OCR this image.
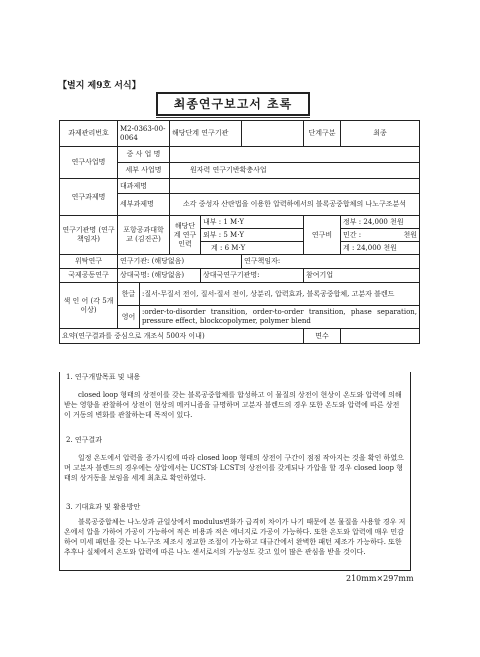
【별지 제9호 서식】
최종연구보고서 초록
과제관리번호	M2-0363-00-0064		해당단계 연구기관			단계구분	최종
연구사업명	중 사 업 명						
	세부 사업명		원자력 연구기반확충사업				
연구과제명	대과제명						
	세부과제명		소각 중성자 산란법을 이용한 압력하에서의 블록공중합체의 나노구조분석				
연구기관명 (연구책임자)	포항공과대학교 (김진곤)		해당단계 연구인력	내부 : 1 M·Y		연구비	정부 : 24,000 천원
				외부 : 5 M·Y			민간 : 천원

				계 : 6 M·Y			계 : 24,000 천원
위탁연구	연구기관: (해당없음)				연구책임자:		
국제공동연구	상대국명: (해당없음)			상대국연구기관명:		참여기업	
색 인 어 (각 5개 이상)	한글	:질서-무질서 전이, 질서-질서 전이, 상분리, 압력효과, 블록공중합체, 고분자 블렌드					
	영어	:order-to-disorder transition, order-to-order transition, phase separation, pressure effect, blockcopolymer, polymer blend					
요약(연구결과를 중심으로 개조식 500자 이내)						면수	

1. 연구개발목표 및 내용

closed loop 형태의 상전이를 갖는 블록공중합체를 합성하고 이 물질의 상전이 현상이 온도와 압력에 의해 받는 영향을 관찰하여 상전이 현상의 메커니즘을 규명하며 고분자 블렌드의 경우 또한 온도와 압력에 따른 상전이 거동의 변화를 관찰하는데 목적이 있다.

2. 연구결과

일정 온도에서 압력을 증가시킴에 따라 closed loop 형태의 상전이 구간이 점점 작아지는 것을 확인 하였으며 고분자 블렌드의 경우에는 상압에서는 UCST와 LCST의 상전이를 갖게되나 가압을 할 경우 closed loop 형태의 상거동을 보임을 세계 최초로 확인하였다.

3. 기대효과 및 활용방안

블록공중합체는 나노상과 균일상에서 modulus변화가 급격히 차이가 나기 때문에 본 물질을 사용할 경우 저온에서 압을 가하여 가공이 가능하여 적은 비용과 적은 에너지로 가공이 가능하다. 또한 온도와 압력에 매우 민감하여 미세 패턴을 갖는 나노구조 제조시 정교한 조절이 가능하고 대규간에서 완벽한 패턴 제조가 가능하다. 또한 추후나 실체에서 온도와 압력에 따른 나노 센서로서의 가능성도 갖고 있어 많은 관심을 받을 것이다.

210mm×297mm
